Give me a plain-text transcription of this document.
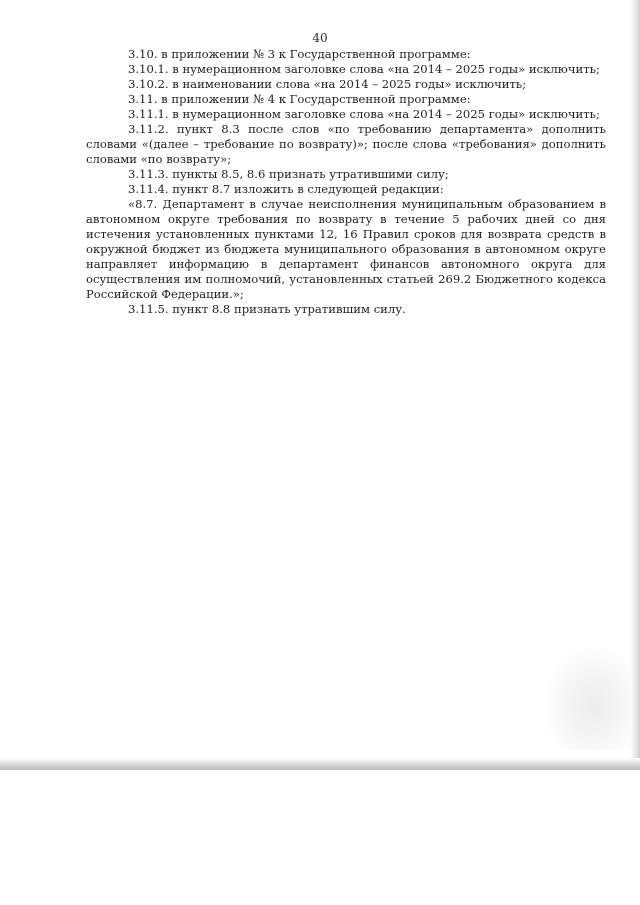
40

3.10. в приложении № 3 к Государственной программе:

3.10.1. в нумерационном заголовке слова «на 2014 – 2025 годы» исключить;

3.10.2. в наименовании слова «на 2014 – 2025 годы» исключить;

3.11. в приложении № 4 к Государственной программе:

3.11.1. в нумерационном заголовке слова «на 2014 – 2025 годы» исключить;

3.11.2. пункт 8.3 после слов «по требованию департамента» дополнить словами «(далее – требование по возврату)»; после слова «требования» дополнить словами «по возврату»;

3.11.3. пункты 8.5, 8.6 признать утратившими силу;

3.11.4. пункт 8.7 изложить в следующей редакции:

«8.7. Департамент в случае неисполнения муниципальным образованием в автономном округе требования по возврату в течение 5 рабочих дней со дня истечения установленных пунктами 12, 16 Правил сроков для возврата средств в окружной бюджет из бюджета муниципального образования в автономном округе направляет информацию в департамент финансов автономного округа для осуществления им полномочий, установленных статьей 269.2 Бюджетного кодекса Российской Федерации.»;

3.11.5. пункт 8.8 признать утратившим силу.
